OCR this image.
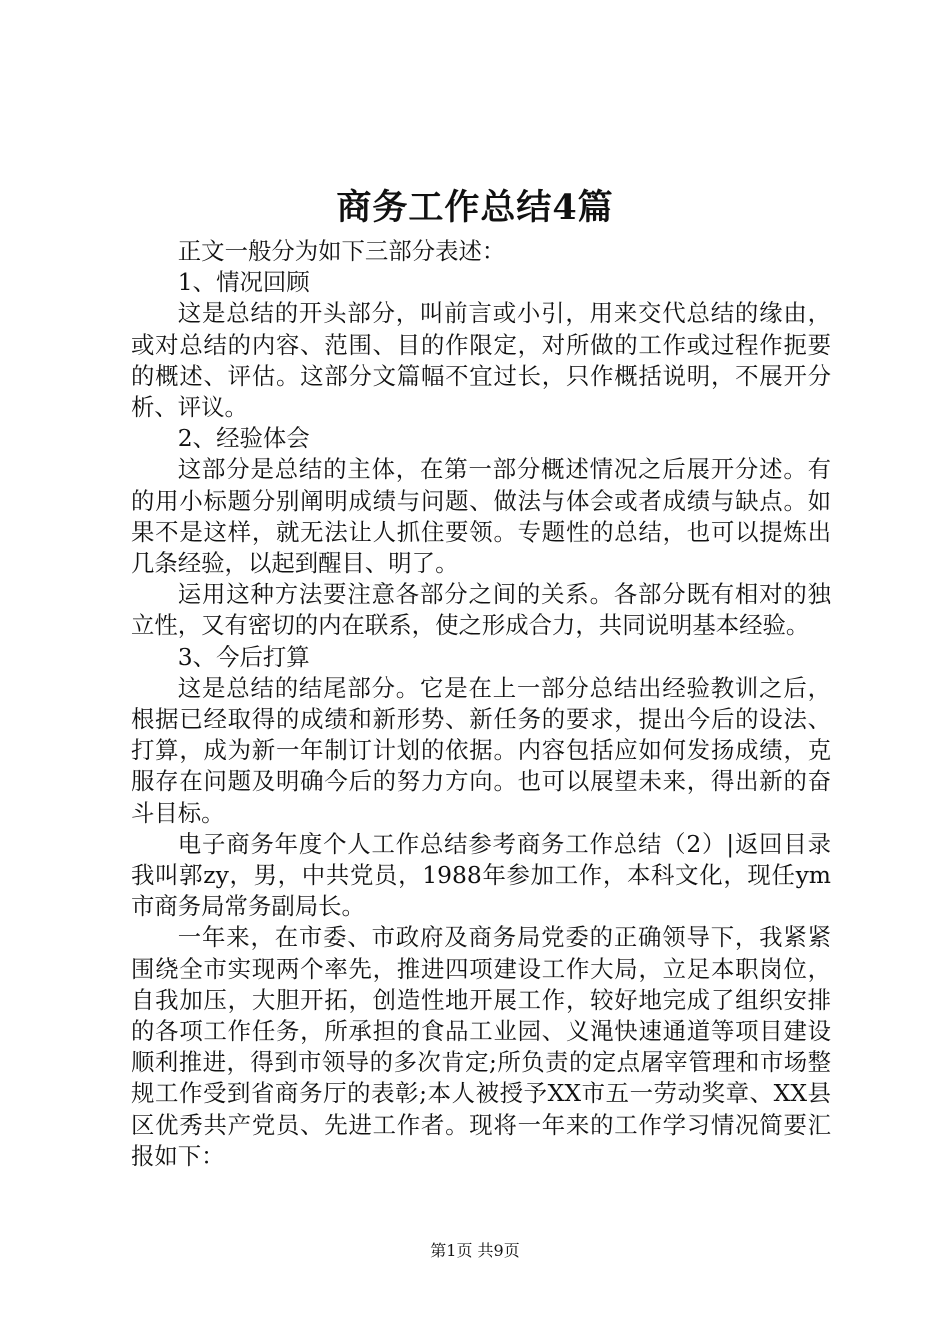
商务工作总结4篇

正文一般分为如下三部分表述：

1、情况回顾

这是总结的开头部分，叫前言或小引，用来交代总结的缘由，或对总结的内容、范围、目的作限定，对所做的工作或过程作扼要的概述、评估。这部分文篇幅不宜过长，只作概括说明，不展开分析、评议。

2、经验体会

这部分是总结的主体，在第一部分概述情况之后展开分述。有的用小标题分别阐明成绩与问题、做法与体会或者成绩与缺点。如果不是这样，就无法让人抓住要领。专题性的总结，也可以提炼出几条经验，以起到醒目、明了。

运用这种方法要注意各部分之间的关系。各部分既有相对的独立性，又有密切的内在联系，使之形成合力，共同说明基本经验。

3、今后打算

这是总结的结尾部分。它是在上一部分总结出经验教训之后，根据已经取得的成绩和新形势、新任务的要求，提出今后的设法、打算，成为新一年制订计划的依据。内容包括应如何发扬成绩，克服存在问题及明确今后的努力方向。也可以展望未来，得出新的奋斗目标。

电子商务年度个人工作总结参考商务工作总结（2）|返回目录我叫郭zy，男，中共党员，1988年参加工作，本科文化，现任ym市商务局常务副局长。

一年来，在市委、市政府及商务局党委的正确领导下，我紧紧围绕全市实现两个率先，推进四项建设工作大局，立足本职岗位，自我加压，大胆开拓，创造性地开展工作，较好地完成了组织安排的各项工作任务，所承担的食品工业园、义渑快速通道等项目建设顺利推进，得到市领导的多次肯定;所负责的定点屠宰管理和市场整规工作受到省商务厅的表彰;本人被授予XX市五一劳动奖章、XX县区优秀共产党员、先进工作者。现将一年来的工作学习情况简要汇报如下：

第1页 共9页
